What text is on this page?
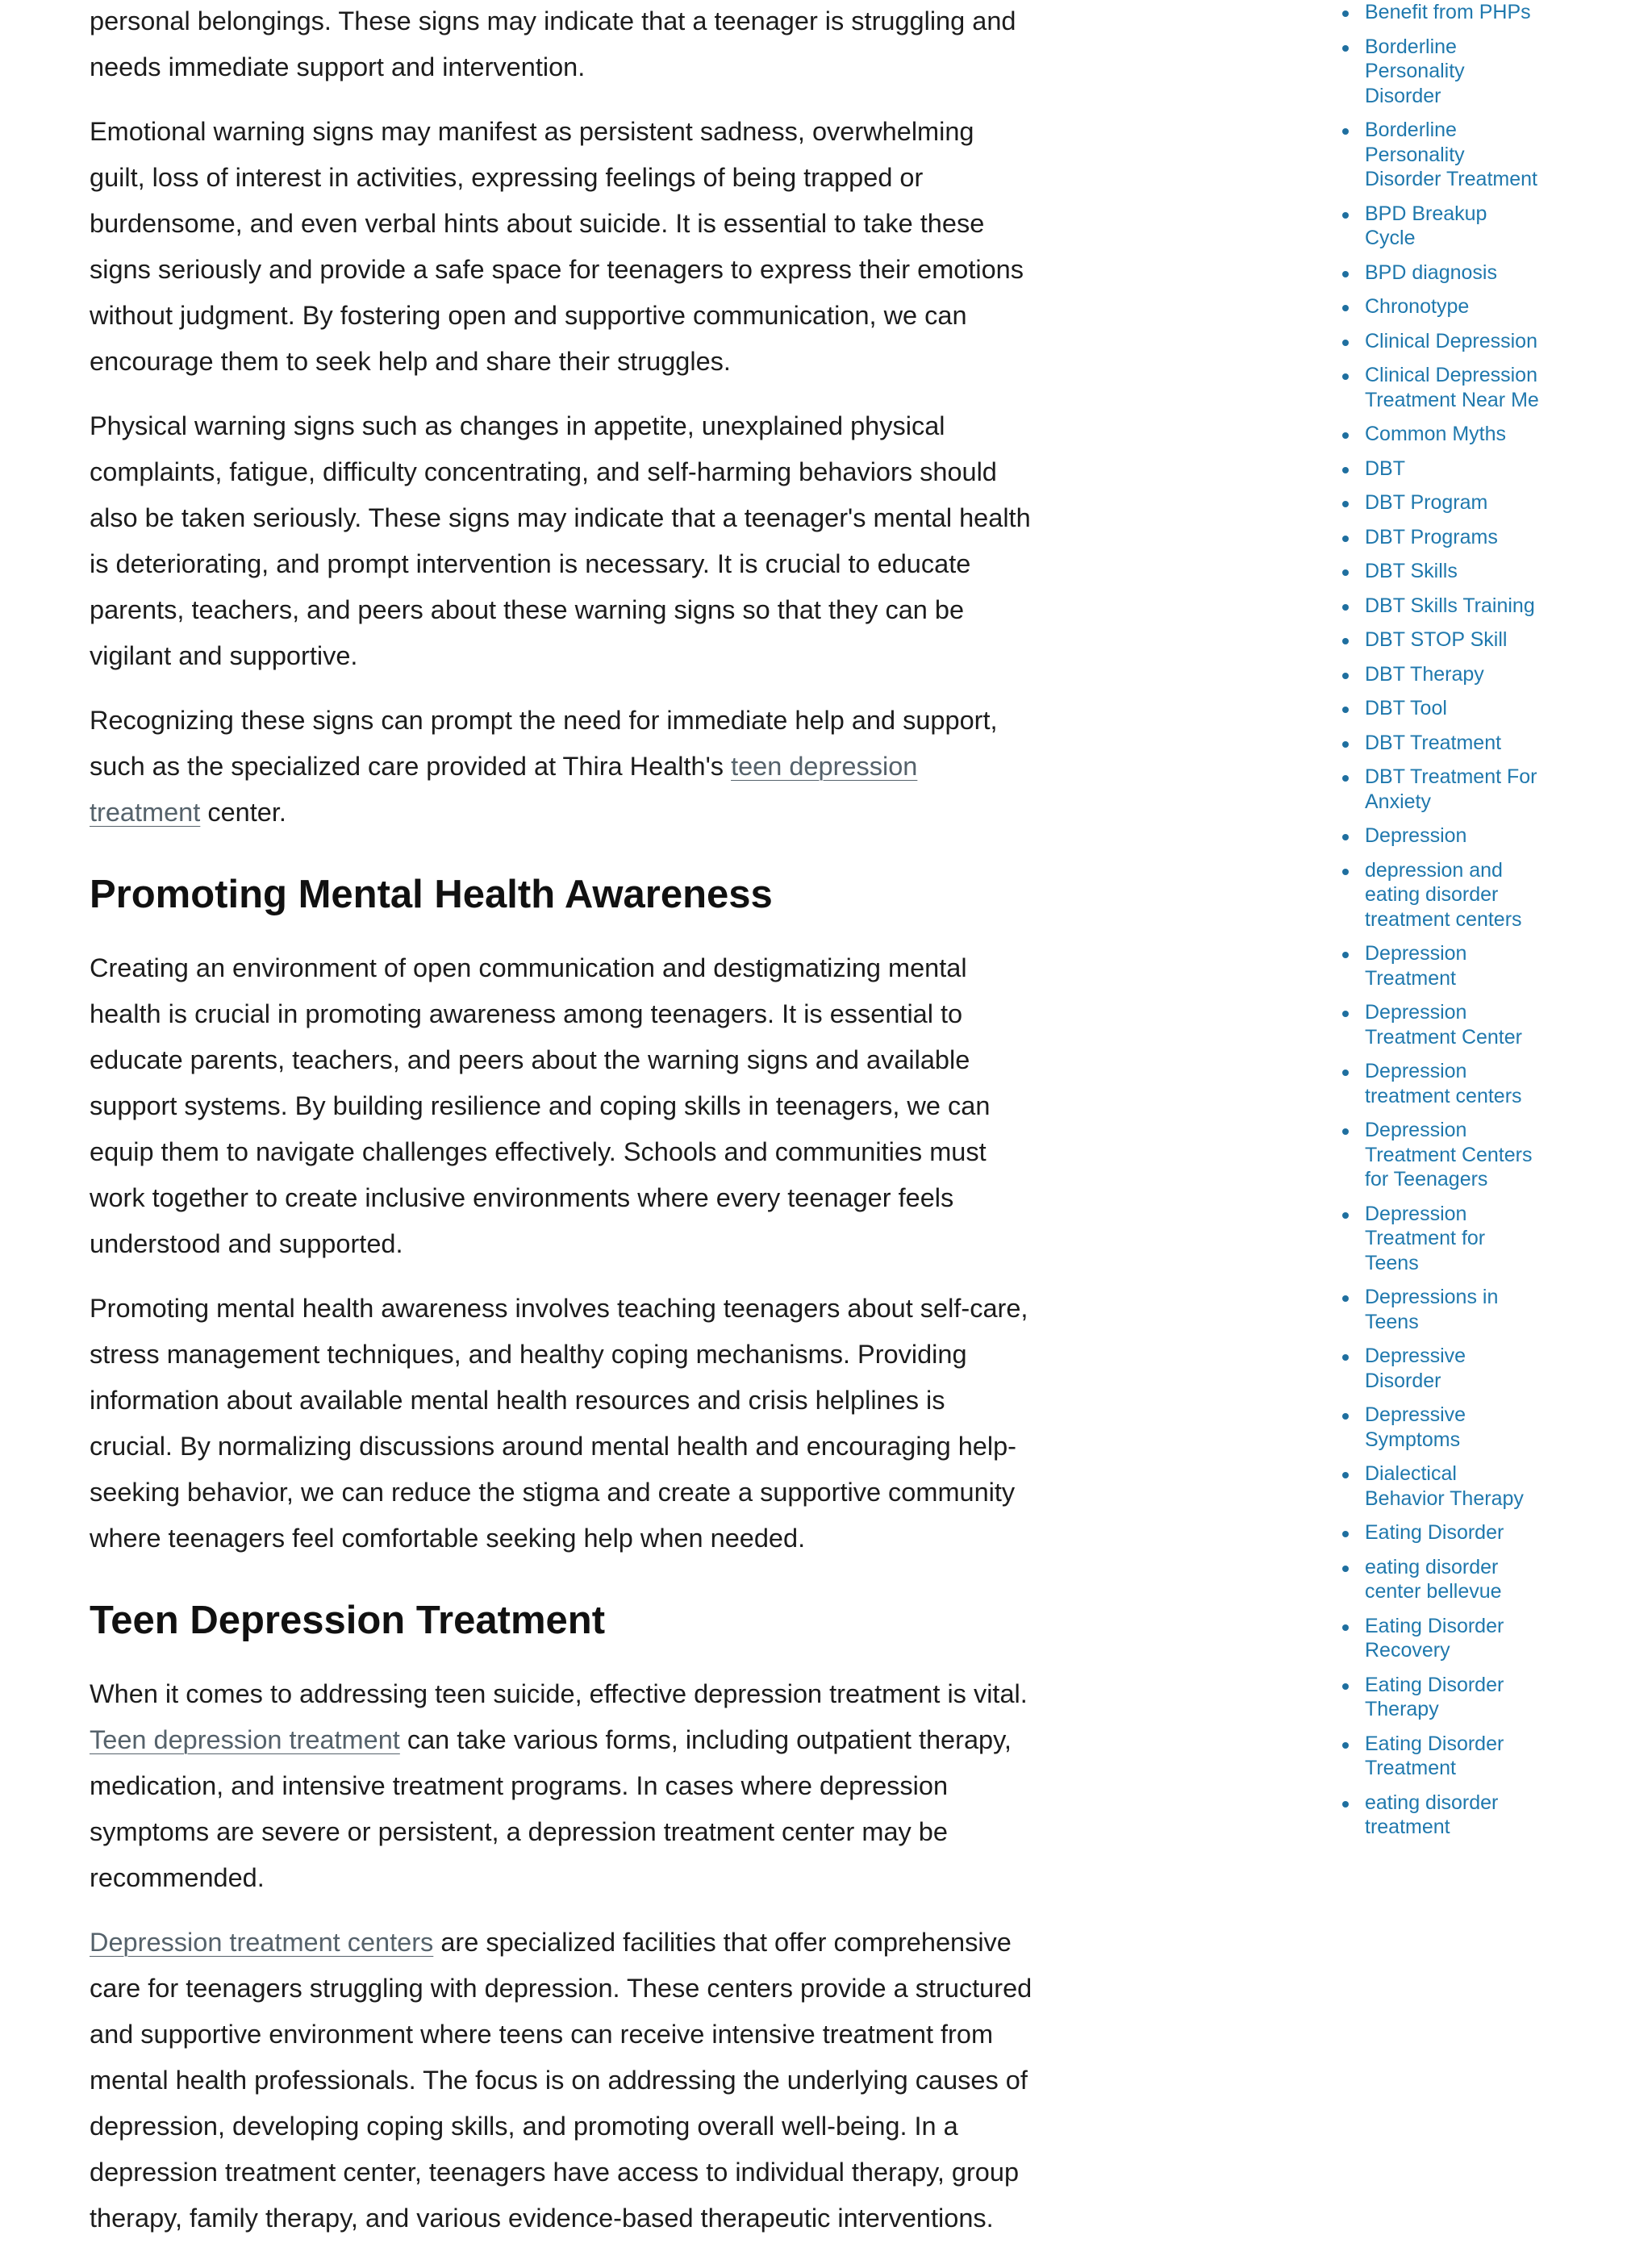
personal belongings. These signs may indicate that a teenager is struggling and needs immediate support and intervention.

Emotional warning signs may manifest as persistent sadness, overwhelming guilt, loss of interest in activities, expressing feelings of being trapped or burdensome, and even verbal hints about suicide. It is essential to take these signs seriously and provide a safe space for teenagers to express their emotions without judgment. By fostering open and supportive communication, we can encourage them to seek help and share their struggles.

Physical warning signs such as changes in appetite, unexplained physical complaints, fatigue, difficulty concentrating, and self-harming behaviors should also be taken seriously. These signs may indicate that a teenager's mental health is deteriorating, and prompt intervention is necessary. It is crucial to educate parents, teachers, and peers about these warning signs so that they can be vigilant and supportive.

Recognizing these signs can prompt the need for immediate help and support, such as the specialized care provided at Thira Health's teen depression treatment center.

Promoting Mental Health Awareness

Creating an environment of open communication and destigmatizing mental health is crucial in promoting awareness among teenagers. It is essential to educate parents, teachers, and peers about the warning signs and available support systems. By building resilience and coping skills in teenagers, we can equip them to navigate challenges effectively. Schools and communities must work together to create inclusive environments where every teenager feels understood and supported.

Promoting mental health awareness involves teaching teenagers about self-care, stress management techniques, and healthy coping mechanisms. Providing information about available mental health resources and crisis helplines is crucial. By normalizing discussions around mental health and encouraging help-seeking behavior, we can reduce the stigma and create a supportive community where teenagers feel comfortable seeking help when needed.

Teen Depression Treatment

When it comes to addressing teen suicide, effective depression treatment is vital. Teen depression treatment can take various forms, including outpatient therapy, medication, and intensive treatment programs. In cases where depression symptoms are severe or persistent, a depression treatment center may be recommended.

Depression treatment centers are specialized facilities that offer comprehensive care for teenagers struggling with depression. These centers provide a structured and supportive environment where teens can receive intensive treatment from mental health professionals. The focus is on addressing the underlying causes of depression, developing coping skills, and promoting overall well-being. In a depression treatment center, teenagers have access to individual therapy, group therapy, family therapy, and various evidence-based therapeutic interventions.

Benefit from PHPs
Borderline Personality Disorder
Borderline Personality Disorder Treatment
BPD Breakup Cycle
BPD diagnosis
Chronotype
Clinical Depression
Clinical Depression Treatment Near Me
Common Myths
DBT
DBT Program
DBT Programs
DBT Skills
DBT Skills Training
DBT STOP Skill
DBT Therapy
DBT Tool
DBT Treatment
DBT Treatment For Anxiety
Depression
depression and eating disorder treatment centers
Depression Treatment
Depression Treatment Center
Depression treatment centers
Depression Treatment Centers for Teenagers
Depression Treatment for Teens
Depressions in Teens
Depressive Disorder
Depressive Symptoms
Dialectical Behavior Therapy
Eating Disorder
eating disorder center bellevue
Eating Disorder Recovery
Eating Disorder Therapy
Eating Disorder Treatment
eating disorder treatment
